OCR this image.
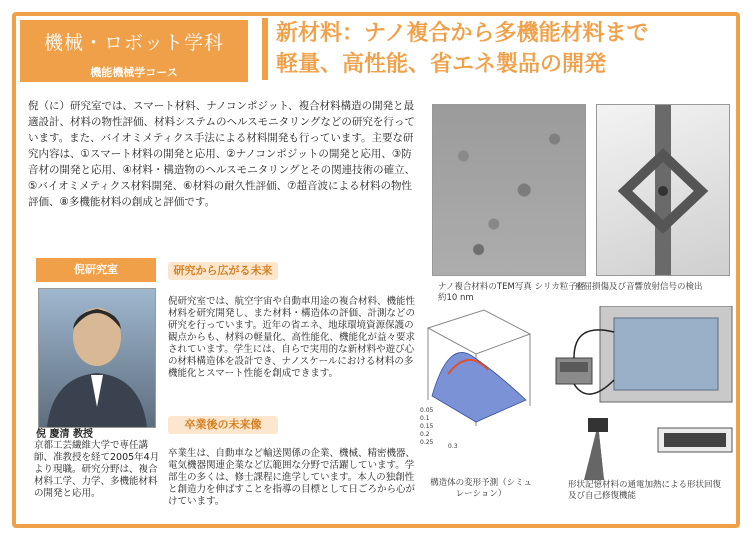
機械・ロボット学科
機能機械学コース
新材料：ナノ複合から多機能材料まで
軽量、高性能、省エネ製品の開発
倪（に）研究室では、スマート材料、ナノコンポジット、複合材料構造の開発と最適設計、材料の物性評価、材料システムのヘルスモニタリングなどの研究を行っています。また、バイオミメティクス手法による材料開発も行っています。主要な研究内容は、①スマート材料の開発と応用、②ナノコンポジットの開発と応用、③防音材の開発と応用、④材料・構造物のヘルスモニタリングとその関連技術の確立、⑤バイオミメティクス材料開発、⑥材料の耐久性評価、⑦超音波による材料の物性評価、⑧多機能材料の創成と評価です。
ナノ複合材料のTEM写真 シリカ粒子径約10 nm
座屈損傷及び音響放射信号の検出
倪研究室
倪 慶清 教授
京都工芸繊維大学で専任講師、准教授を経て2005年4月より現職。研究分野は、複合材料工学、力学、多機能材料の開発と応用。
研究から広がる未来
倪研究室では、航空宇宙や自動車用途の複合材料、機能性材料を研究開発し、また材料・構造体の評価、計測などの研究を行っています。近年の省エネ、地球環境資源保護の観点からも、材料の軽量化、高性能化、機能化が益々要求されています。学生には、自らで実用的な新材料や遊び心の材料構造体を設計でき、ナノスケールにおける材料の多機能化とスマート性能を創成できます。
卒業後の未来像
卒業生は、自動車など輸送関係の企業、機械、精密機器、電気機器関連企業など広範囲な分野で活躍しています。学部生の多くは、修士課程に進学しています。本人の独創性と創造力を伸ばすことを指導の目標として日ごろから心がけています。
0.05
0.1
0.15
0.2
0.25
0.3
構造体の変形予測（シミュレーション）
形状記憶材料の通電加熱による形状回復及び自己修復機能
